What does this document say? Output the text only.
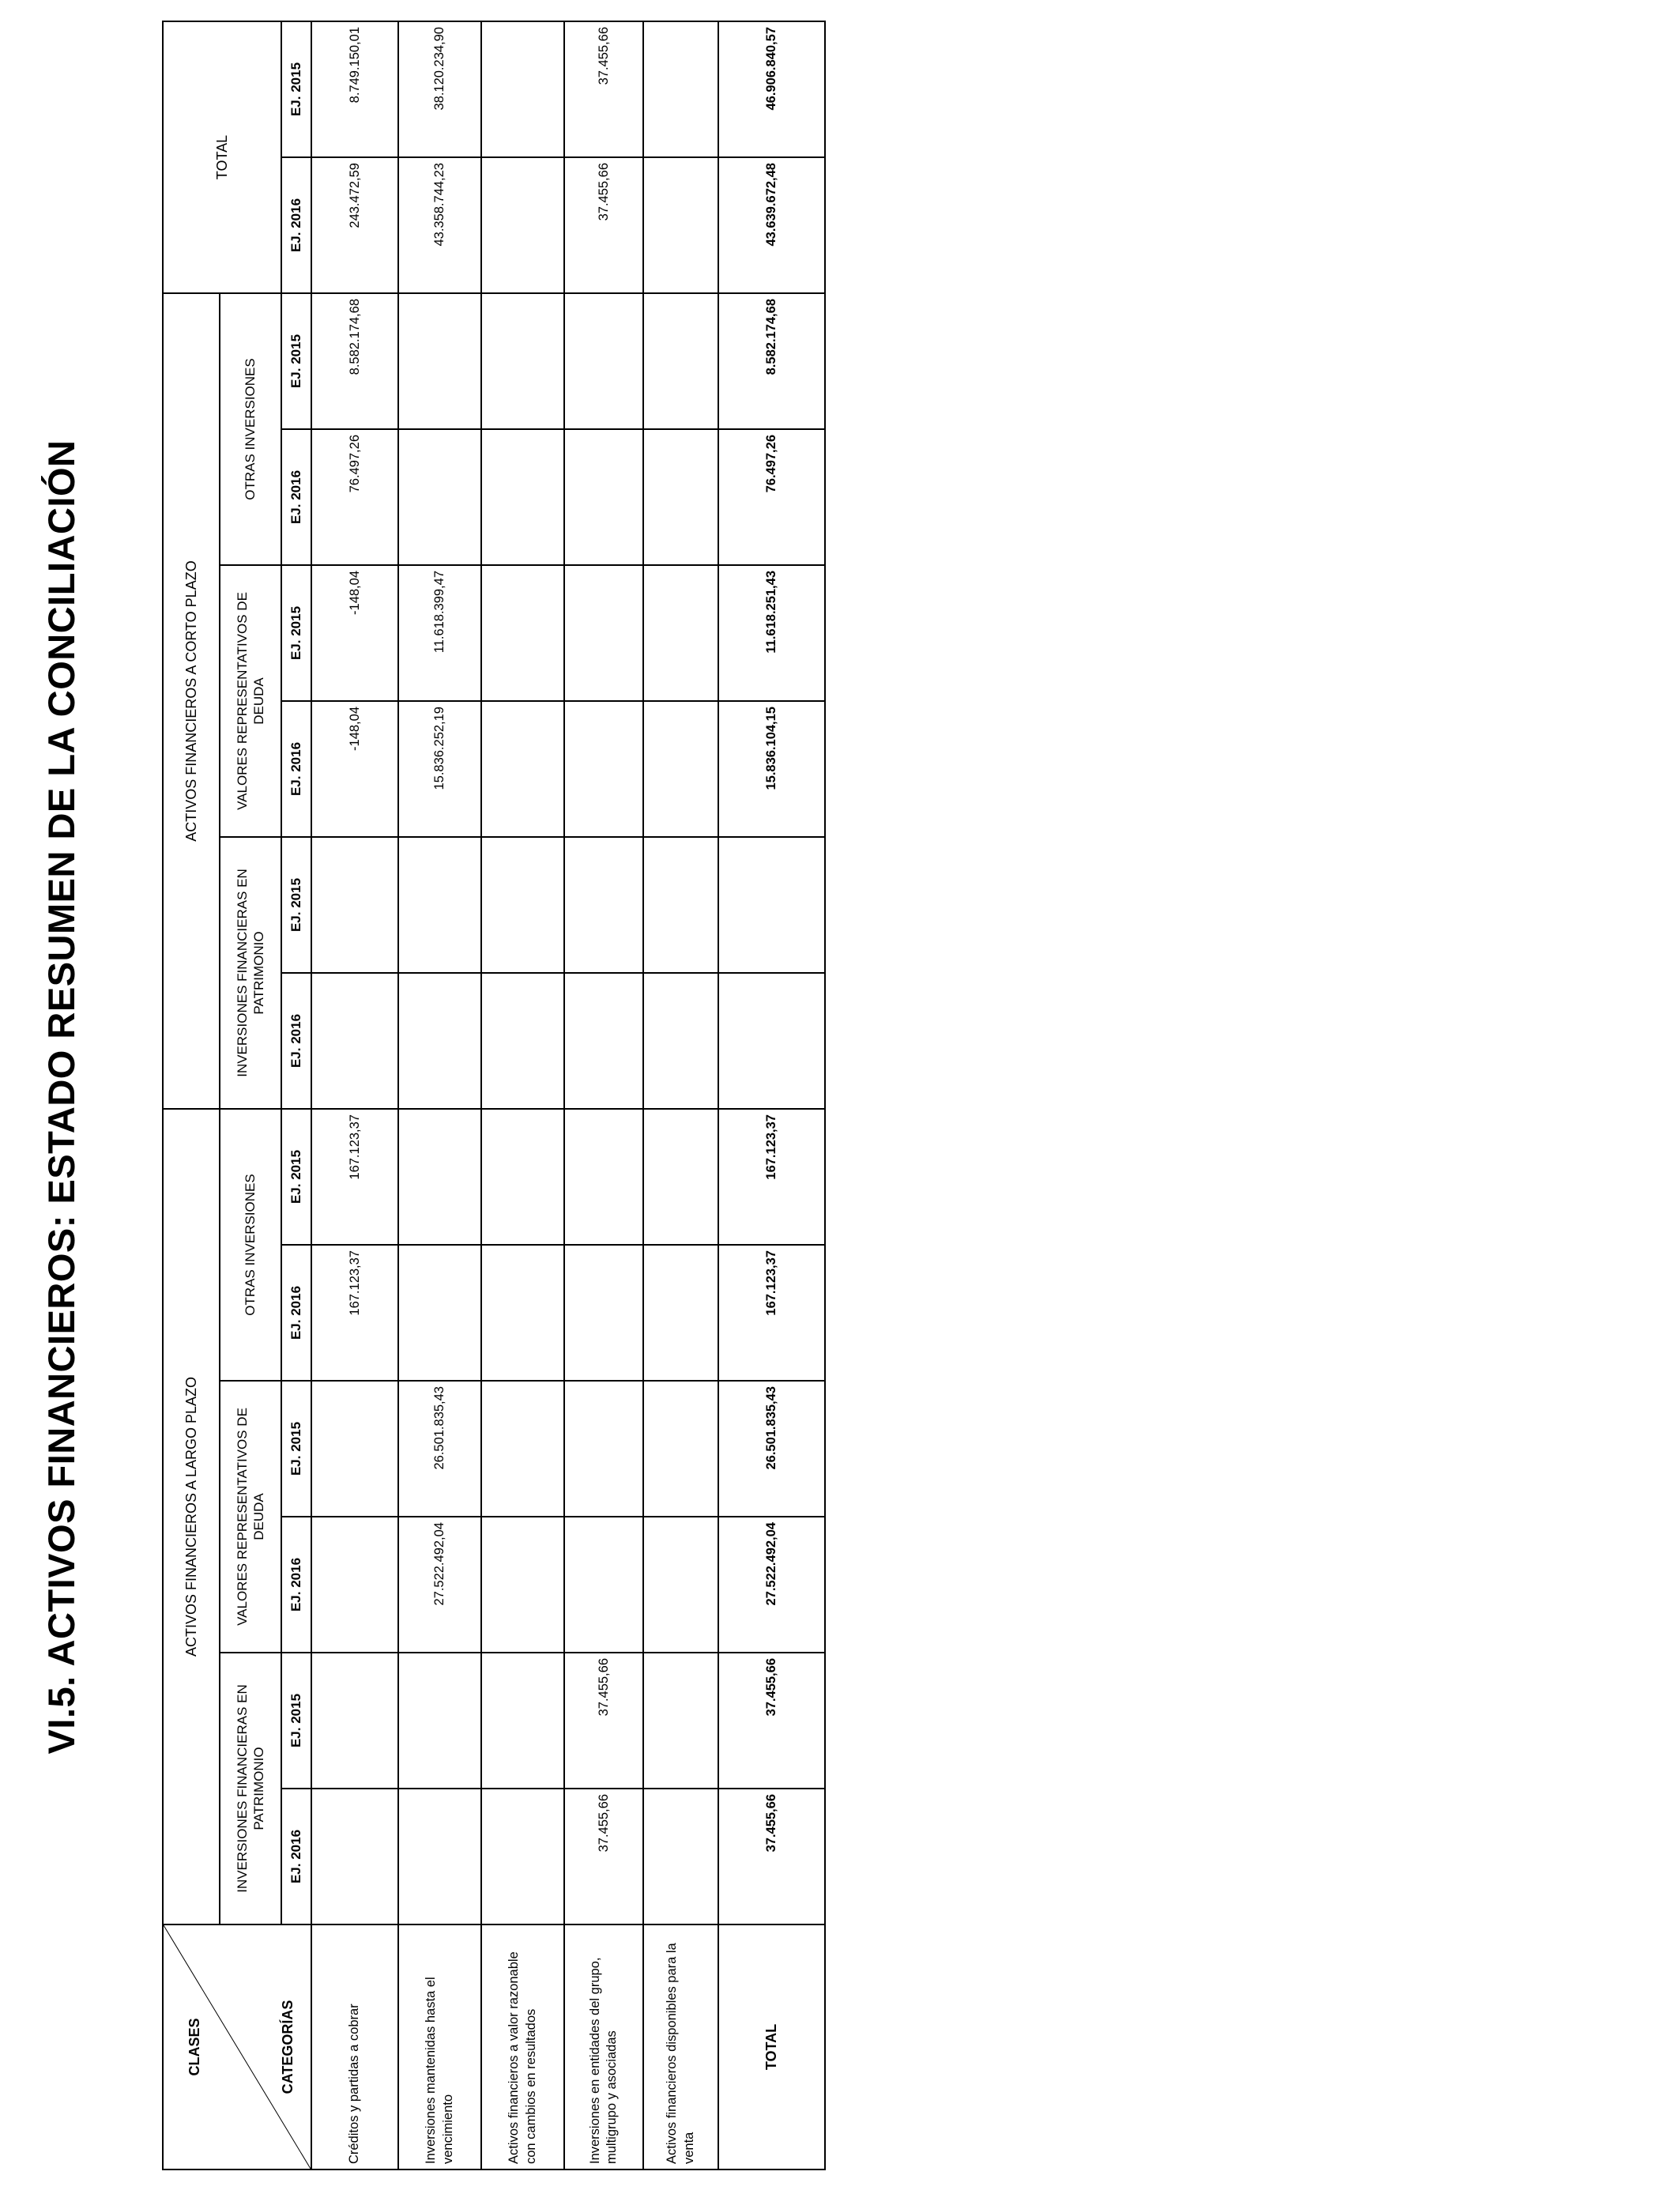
VI.5. ACTIVOS FINANCIEROS: ESTADO RESUMEN DE LA CONCILIACIÓN
CLASES CATEGORÍAS	ACTIVOS FINANCIEROS A LARGO PLAZO						ACTIVOS FINANCIEROS A CORTO PLAZO						TOTAL	
	INVERSIONES FINANCIERAS EN PATRIMONIO		VALORES REPRESENTATIVOS DE DEUDA		OTRAS INVERSIONES		INVERSIONES FINANCIERAS EN PATRIMONIO		VALORES REPRESENTATIVOS DE DEUDA		OTRAS INVERSIONES			
	EJ. 2016	EJ. 2015	EJ. 2016	EJ. 2015	EJ. 2016	EJ. 2015	EJ. 2016	EJ. 2015	EJ. 2016	EJ. 2015	EJ. 2016	EJ. 2015	EJ. 2016	EJ. 2015
Créditos y partidas a cobrar					167.123,37	167.123,37			-148,04	-148,04	76.497,26	8.582.174,68	243.472,59	8.749.150,01
Inversiones mantenidas hasta el vencimiento			27.522.492,04	26.501.835,43					15.836.252,19	11.618.399,47			43.358.744,23	38.120.234,90
Activos financieros a valor razonable con cambios en resultados														
Inversiones en entidades del grupo, multigrupo y asociadas	37.455,66	37.455,66											37.455,66	37.455,66
Activos financieros disponibles para la venta														
TOTAL	37.455,66	37.455,66	27.522.492,04	26.501.835,43	167.123,37	167.123,37			15.836.104,15	11.618.251,43	76.497,26	8.582.174,68	43.639.672,48	46.906.840,57
